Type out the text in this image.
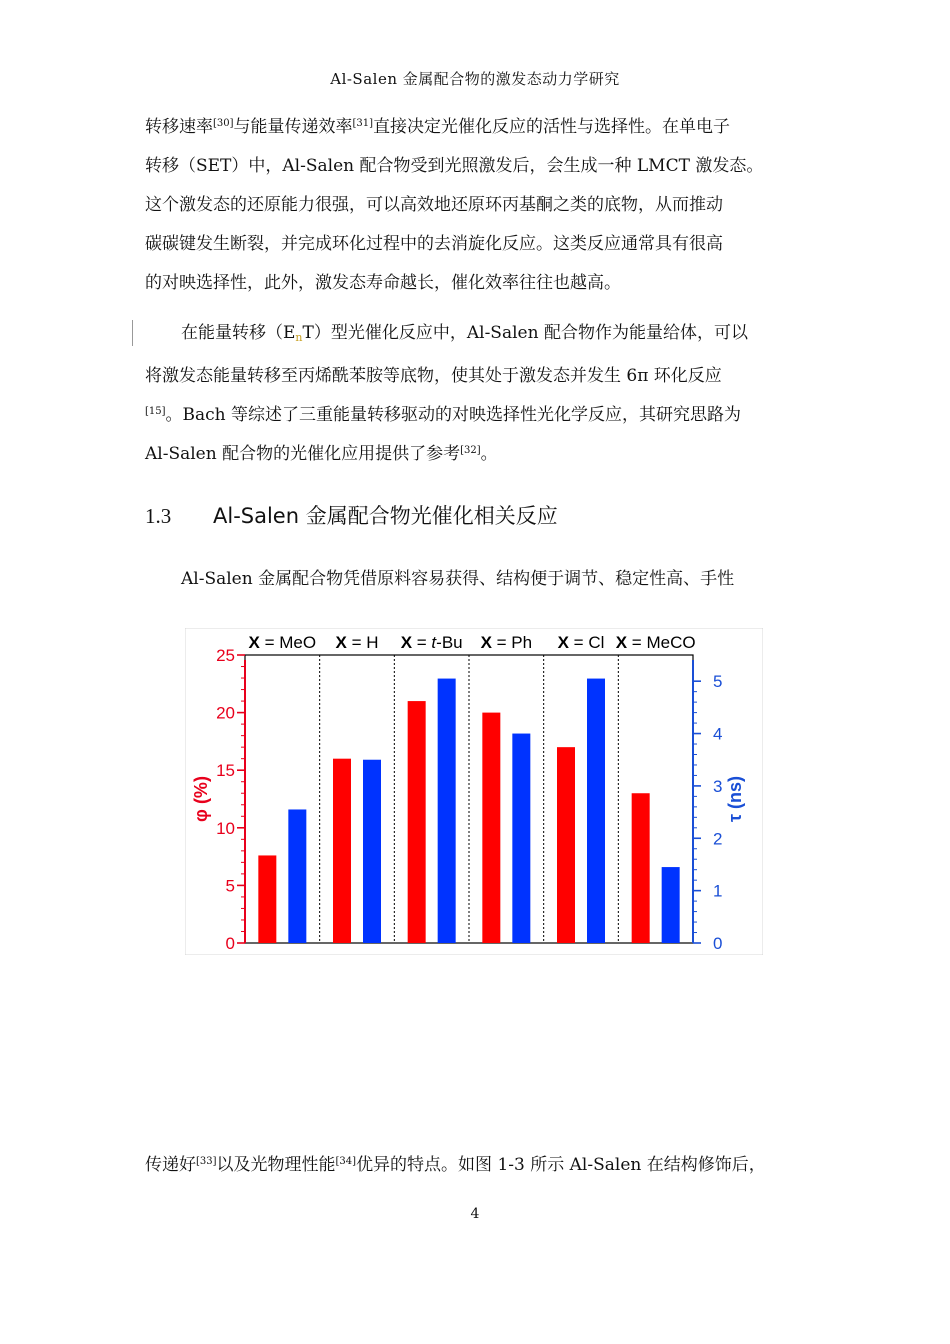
Al-Salen 金属配合物的激发态动力学研究
转移速率[30]与能量传递效率[31]直接决定光催化反应的活性与选择性。在单电子
转移（SET）中，Al-Salen 配合物受到光照激发后，会生成一种 LMCT 激发态。
这个激发态的还原能力很强，可以高效地还原环丙基酮之类的底物，从而推动
碳碳键发生断裂，并完成环化过程中的去消旋化反应。这类反应通常具有很高
的对映选择性，此外，激发态寿命越长，催化效率往往也越高。
在能量转移（EnT）型光催化反应中，Al-Salen 配合物作为能量给体，可以
将激发态能量转移至丙烯酰苯胺等底物，使其处于激发态并发生 6π 环化反应
[15]。Bach 等综述了三重能量转移驱动的对映选择性光化学反应，其研究思路为
Al-Salen 配合物的光催化应用提供了参考[32]。
1.3 Al-Salen 金属配合物光催化相关反应
Al-Salen 金属配合物凭借原料容易获得、结构便于调节、稳定性高、手性
0
5
10
15
20
25
0
1
2
3
4
5
φ (%)	τ (ns)
X = MeO X = H X = t-Bu X = Ph X = Cl X = MeCO
传递好[33]以及光物理性能[34]优异的特点。如图 1-3 所示 Al-Salen 在结构修饰后，
4
